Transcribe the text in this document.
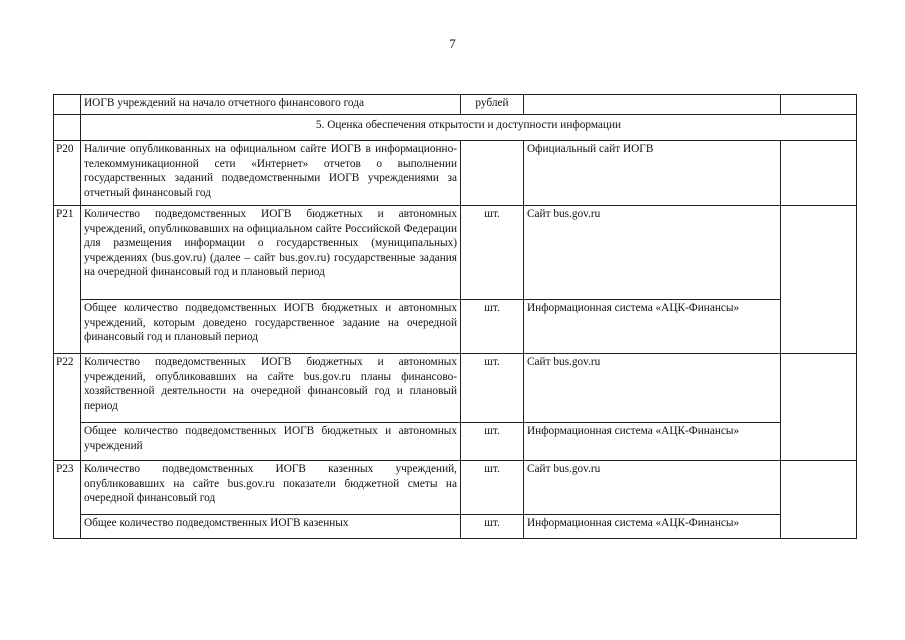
7
	ИОГВ учреждений на начало отчетного финансового года	рублей		
	5. Оценка обеспечения открытости и доступности информации			
Р20	Наличие опубликованных на официальном сайте ИОГВ в информационно-телекоммуникационной сети «Интернет» отчетов о выполнении государственных заданий подведомственными ИОГВ учреждениями за отчетный финансовый год		Официальный сайт ИОГВ	
Р21	Количество подведомственных ИОГВ бюджетных и автономных учреждений, опубликовавших на официальном сайте Российской Федерации для размещения информации о государственных (муниципальных) учреждениях (bus.gov.ru) (далее – сайт bus.gov.ru) государственные задания на очередной финансовый год и плановый период	шт.	Сайт bus.gov.ru	
	Общее количество подведомственных ИОГВ бюджетных и автономных учреждений, которым доведено государственное задание на очередной финансовый год и плановый период	шт.	Информационная система «АЦК-Финансы»	
Р22	Количество подведомственных ИОГВ бюджетных и автономных учреждений, опубликовавших на сайте bus.gov.ru планы финансово-хозяйственной деятельности на очередной финансовый год и плановый период	шт.	Сайт bus.gov.ru	
	Общее количество подведомственных ИОГВ бюджетных и автономных учреждений	шт.	Информационная система «АЦК-Финансы»	
Р23	Количество подведомственных ИОГВ казенных учреждений, опубликовавших на сайте bus.gov.ru показатели бюджетной сметы на очередной финансовый год	шт.	Сайт bus.gov.ru	
	Общее количество подведомственных ИОГВ казенных	шт.	Информационная система «АЦК-Финансы»	
